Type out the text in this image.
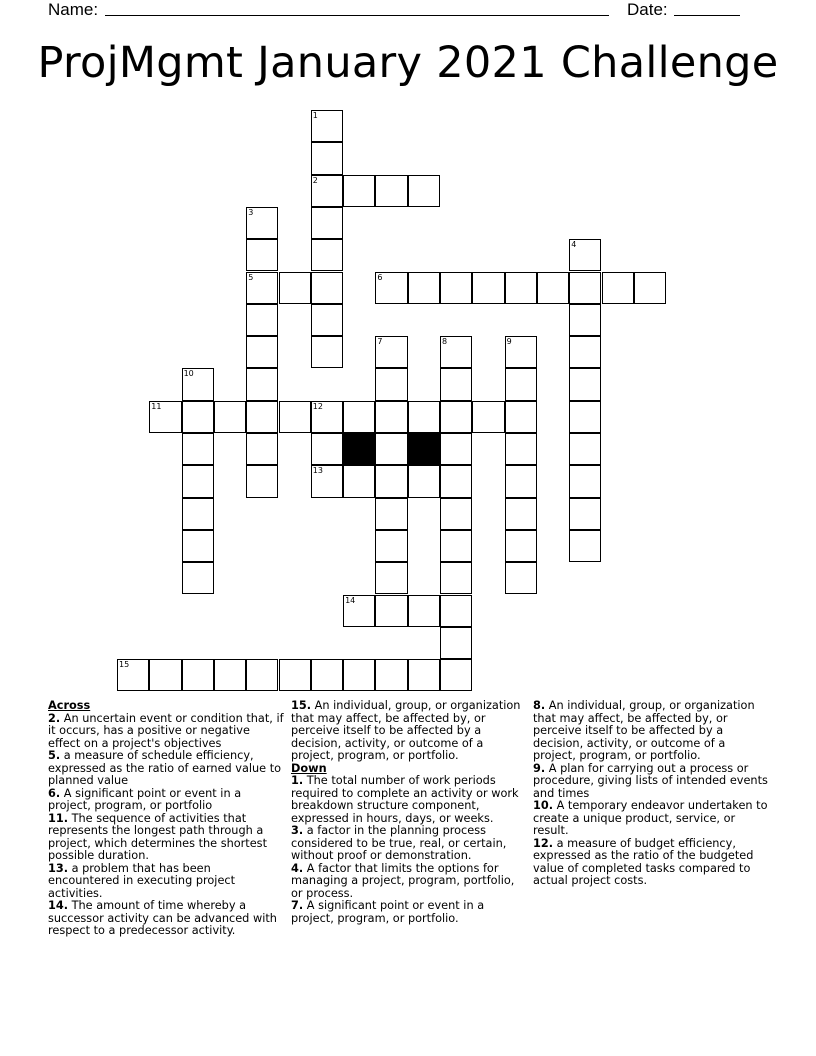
Name:	Date:
ProjMgmt January 2021 Challenge
1
2
3
4
5	6
7	8	9
10
11	12
13
14
15
Across
2. An uncertain event or condition that, if it occurs, has a positive or negative effect on a project's objectives
5. a measure of schedule efficiency, expressed as the ratio of earned value to planned value
6. A significant point or event in a project, program, or portfolio
11. The sequence of activities that represents the longest path through a project, which determines the shortest possible duration.
13. a problem that has been encountered in executing project activities.
14. The amount of time whereby a successor activity can be advanced with respect to a predecessor activity.
15. An individual, group, or organization that may affect, be affected by, or perceive itself to be affected by a decision, activity, or outcome of a project, program, or portfolio.
Down
1. The total number of work periods required to complete an activity or work breakdown structure component, expressed in hours, days, or weeks.
3. a factor in the planning process considered to be true, real, or certain, without proof or demonstration.
4. A factor that limits the options for managing a project, program, portfolio, or process.
7. A significant point or event in a project, program, or portfolio.
8. An individual, group, or organization that may affect, be affected by, or perceive itself to be affected by a decision, activity, or outcome of a project, program, or portfolio.
9. A plan for carrying out a process or procedure, giving lists of intended events and times
10. A temporary endeavor undertaken to create a unique product, service, or result.
12. a measure of budget efficiency, expressed as the ratio of the budgeted value of completed tasks compared to actual project costs.
